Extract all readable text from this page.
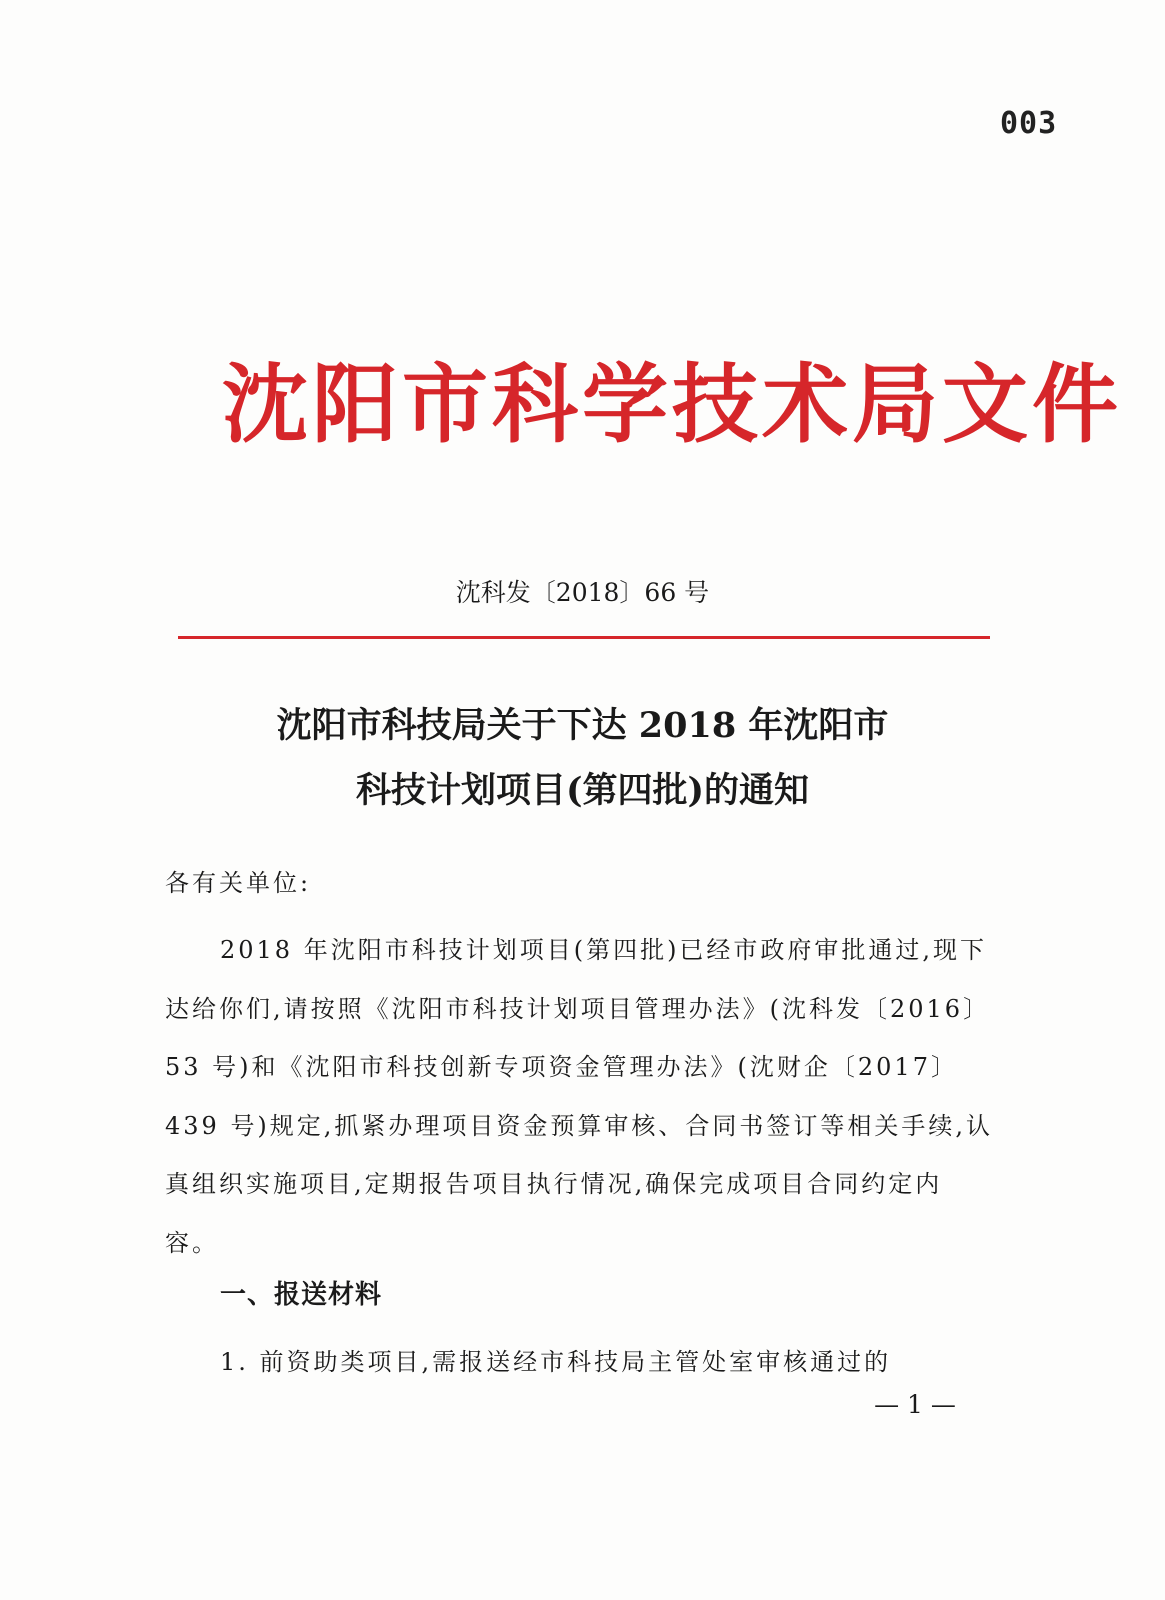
003
沈阳市科学技术局文件
沈科发〔2018〕66 号
沈阳市科技局关于下达 2018 年沈阳市
科技计划项目(第四批)的通知
各有关单位:
2018 年沈阳市科技计划项目(第四批)已经市政府审批通过,现下达给你们,请按照《沈阳市科技计划项目管理办法》(沈科发〔2016〕53 号)和《沈阳市科技创新专项资金管理办法》(沈财企〔2017〕439 号)规定,抓紧办理项目资金预算审核、合同书签订等相关手续,认真组织实施项目,定期报告项目执行情况,确保完成项目合同约定内容。
一、报送材料
1. 前资助类项目,需报送经市科技局主管处室审核通过的
— 1 —
